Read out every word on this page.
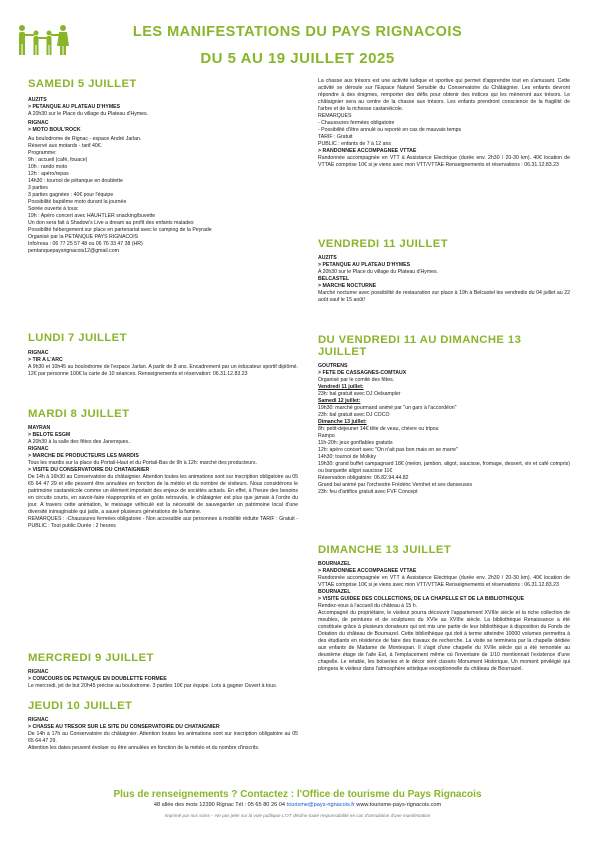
LES MANIFESTATIONS DU PAYS RIGNACOIS
DU 5 AU 19 JUILLET 2025
SAMEDI 5 JUILLET
AUZITS
> PETANQUE AU PLATEAU D'HYMES
A 20h30 sur le Place du village du Plateau d'Hymes.
RIGNAC
> MOTO BOUL'ROCK
Au boulodrome de Rignac - espace André Jarlan.
Réservé aux motards - tarif 40€.
Programme:
9h : accueil (café, fouace)
10h : rando moto
12h : apéro/repas
14h30 : tournoi de pétanque en doublette
3 parties
3 parties gagnées : 40€ pour l'équipe
Possibilité baptême moto durant la journée
Soirée ouverte à tous:
19h : Apéro concert avec HAUHTLER snacking/buvette
Un don sera fait à Shadow's Live a dream au profit des enfants malades
Possibilité hébergement sur place en partenariat avec le camping de la Peyrade
Organisé par la PETANQUE PAYS RIGNACOIS
Info/resa : 06 77 25 57 48 ou 06 76 33 47 38 (HR)
pentanquepaysrignacois12@gmail.com
LUNDI 7 JUILLET
RIGNAC
> TIR A L'ARC
A 9h30 et 10h45 au boulodrome de l'espace Jarlan. A partir de 8 ans. Encadrement par un éducateur sportif diplômé. 12€ par personne 100€ la carte de 10 séances. Renseignements et réservation: 06.31.12.83.23
MARDI 8 JUILLET
MAYRAN
> BELOTE ESGM
A 20h30 à la salle des fêtes des Janenques..
RIGNAC
> MARCHE DE PRODUCTEURS LES MARDIS
Tous les mardis sur la place du Portail-Haut et du Portail-Bas de 9h à 12h: marché des producteurs.
> VISITE DU CONSERVATOIRE DU CHATAIGNIER
De 14h à 16h30 au Conservatoire du châtaignier. Attention toutes les animations sont sur inscription obligatoire au 05 65 64 47 29 et elle peuvent être annulées en fonction de la météo et du nombre de visiteurs. Nous considérons le patrimoine castanéicole comme un élément important des enjeux de sociétés actuels. En effet, à l'heure des besoins en circuits courts, en savoir-faire réappropriés et en goûts retrouvés, le châtaignier est plus que jamais à l'ordre du jour. A travers cette animation, le message véhiculé est la nécessité de sauvegarder un patrimoine local d'une diversité inimaginable qui jadis, a sauvé plusieurs générations de la famine.
REMARQUES : -Chaussures fermées obligatoire - Non accessible aux personnes à mobilité réduite TARIF : Gratuit - PUBLIC : Tout public Durée : 2 heures
MERCREDI 9 JUILLET
RIGNAC
> CONCOURS DE PETANQUE EN DOUBLETTE FORMEE
Le mercredi, jet de but 20h45 précise au boulodrome. 3 parties 10€ par équipe. Lots à gagner Ouvert à tous.
JEUDI 10 JUILLET
RIGNAC
> CHASSE AU TRESOR SUR LE SITE DU CONSERVATOIRE DU CHATAIGNIER
De 14h à 17h au Conservatoire du châtaignier. Attention toutes les animations sont sur inscription obligatoire au 05 65 64 47 29.
Attention les dates peuvent évoluer ou être annulées en fonction de la météo et du nombre d'inscrits.
La chasse aux trésors est une activité ludique et sportive qui permet d'apprendre tout en s'amusant. Cette activité se déroule sur l'Espace Naturel Sensible du Conservatoire du Châtaignier. Les enfants devront répondre à des énigmes, remporter des défis pour obtenir des indices qui les mèneront aux trésors. Le châtaignier sera au centre de la chasse aux trésors. Les enfants prendront conscience de la fragilité de l'arbre et de la richesse castanéicole.
REMARQUES
- Chaussures fermées obligatoire
- Possibilité d'être annulé ou reporté en cas de mauvais temps
TARIF : Gratuit
PUBLIC : enfants de 7 à 12 ans
> RANDONNEE ACCOMPAGNEE VTTAE
Randonnée accompagnée en VTT à Assistance Electrique (durée env. 2h30 / 20-30 km). 40€ location de VTTAE comprise 10€ si je viens avec mon VTT/VTTAE Renseignements et réservations : 06.31.12.83.23
VENDREDI 11 JUILLET
AUZITS
> PETANQUE AU PLATEAU D'HYMES
A 20h30 sur le Place du village du Plateau d'Hymes.
BELCASTEL
> MARCHE NOCTURNE
Marché nocturne avec possibilité de restauration sur place à 19h à Belcastel les vendredis du 04 juillet au 22 août sauf le 15 août!
DU VENDREDI 11 AU DIMANCHE 13 JUILLET
GOUTRENS
> FETE DE CASSAGNES-COMTAUX
Organisé par le comité des fêtes.
Vendredi 11 juillet:
23h: bal gratuit avec DJ Oelsampler
Samedi 12 juillet:
19h30: marché gourmand animé par "un gars à l'accordéon"
23h: bal gratuit avec DJ COCO
Dimanche 13 juillet:
8h: petit-déjeuner 14€ tête de veau, chèvre ou tripou
Rampo
11h-20h: jeux gonflables gratuits
12h: apéro concert avec "On n'ait pas bon mais on se marre"
14h30: tournoi de Molkky
19h30: grand buffet campagnard 18€ (melon, jambon, aligot, saucisse, fromage, dessert, vin et café compris) ou barquette aligot saucisse 11€
Réservation obligatoire: 06.82.94.44.82
Grand bal animé par l'orchestre Frédéric Vernhet et ses danseuses
23h: feu d'artifice gratuit avec FVF Concept
DIMANCHE 13 JUILLET
BOURNAZEL
> RANDONNEE ACCOMPAGNEE VTTAE
Randonnée accompagnée en VTT à Assistance Electrique (durée env. 2h30 / 20-30 km). 40€ location de VTTAE comprise 10€ si je viens avec mon VTT/VTTAE Renseignements et réservations : 06.31.12.83.23
BOURNAZEL
> VISITE GUIDEE DES COLLECTIONS, DE LA CHAPELLE ET DE LA BIBLIOTHEQUE
Rendez-vous à l'accueil du château à 15 h.
Accompagné du propriétaire, le visiteur pourra découvrir l'appartement XVIIIe siècle et la riche collection de meubles, de peintures et de sculptures du XVIe au XVIIIe siècle. La bibliothèque Renaissance a été constituée grâce à plusieurs donateurs qui ont mis une partie de leur bibliothèque à disposition du Fonds de Dotation du château de Bournazel. Cette bibliothèque qui doit à terme atteindre 10000 volumes permettra à des étudiants en résidence de faire des travaux de recherche. La visite se terminera par la chapelle dédiée aux enfants de Madame de Montespan. Il s'agit d'une chapelle du XVIIe siècle qui a été remontée au deuxième étage de l'aile Est, à l'emplacement même où l'inventaire de 1/10 mentionnait l'existence d'une chapelle. Le retable, les boiseries et le décor sont classés Monument Historique. Un moment privilégié qui plongera le visiteur dans l'atmosphère artistique exceptionnelle du château de Bournazel.
Plus de renseignements ? Contactez : l'Office de tourisme du Pays Rignacois
48 allée des mots 12390 Rignac Tél : 05 65 80 26 04 tourisme@pays-rignacois.fr www.tourisme-pays-rignacois.com
Imprimé par nos soins – Ne pas jeter sur la voie publique L'OT décline toute responsabilité en cas d'annulation d'une manifestation
